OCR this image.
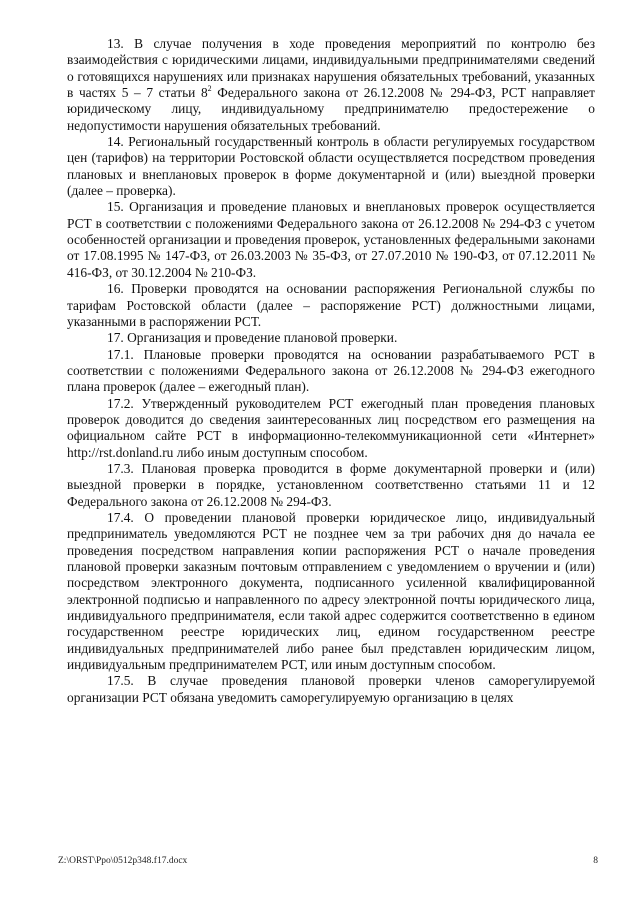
13. В случае получения в ходе проведения мероприятий по контролю без взаимодействия с юридическими лицами, индивидуальными предпринимателями сведений о готовящихся нарушениях или признаках нарушения обязательных требований, указанных в частях 5 – 7 статьи $8^2$ Федерального закона от 26.12.2008 № 294-ФЗ, РСТ направляет юридическому лицу, индивидуальному предпринимателю предостережение о недопустимости нарушения обязательных требований.

14. Региональный государственный контроль в области регулируемых государством цен (тарифов) на территории Ростовской области осуществляется посредством проведения плановых и внеплановых проверок в форме документарной и (или) выездной проверки (далее – проверка).

15. Организация и проведение плановых и внеплановых проверок осуществляется РСТ в соответствии с положениями Федерального закона от 26.12.2008 № 294-ФЗ с учетом особенностей организации и проведения проверок, установленных федеральными законами от 17.08.1995 № 147-ФЗ, от 26.03.2003 № 35-ФЗ, от 27.07.2010 № 190-ФЗ, от 07.12.2011 № 416-ФЗ, от 30.12.2004 № 210-ФЗ.

16. Проверки проводятся на основании распоряжения Региональной службы по тарифам Ростовской области (далее – распоряжение РСТ) должностными лицами, указанными в распоряжении РСТ.

17. Организация и проведение плановой проверки.

17.1. Плановые проверки проводятся на основании разрабатываемого РСТ в соответствии с положениями Федерального закона от 26.12.2008 № 294-ФЗ ежегодного плана проверок (далее – ежегодный план).

17.2. Утвержденный руководителем РСТ ежегодный план проведения плановых проверок доводится до сведения заинтересованных лиц посредством его размещения на официальном сайте РСТ в информационно-телекоммуникационной сети «Интернет» http://rst.donland.ru либо иным доступным способом.

17.3. Плановая проверка проводится в форме документарной проверки и (или) выездной проверки в порядке, установленном соответственно статьями 11 и 12 Федерального закона от 26.12.2008 № 294-ФЗ.

17.4. О проведении плановой проверки юридическое лицо, индивидуальный предприниматель уведомляются РСТ не позднее чем за три рабочих дня до начала ее проведения посредством направления копии распоряжения РСТ о начале проведения плановой проверки заказным почтовым отправлением с уведомлением о вручении и (или) посредством электронного документа, подписанного усиленной квалифицированной электронной подписью и направленного по адресу электронной почты юридического лица, индивидуального предпринимателя, если такой адрес содержится соответственно в едином государственном реестре юридических лиц, едином государственном реестре индивидуальных предпринимателей либо ранее был представлен юридическим лицом, индивидуальным предпринимателем РСТ, или иным доступным способом.

17.5. В случае проведения плановой проверки членов саморегулируемой организации РСТ обязана уведомить саморегулируемую организацию в целях

Z:\ORST\Ppo\0512p348.f17.docx	8
